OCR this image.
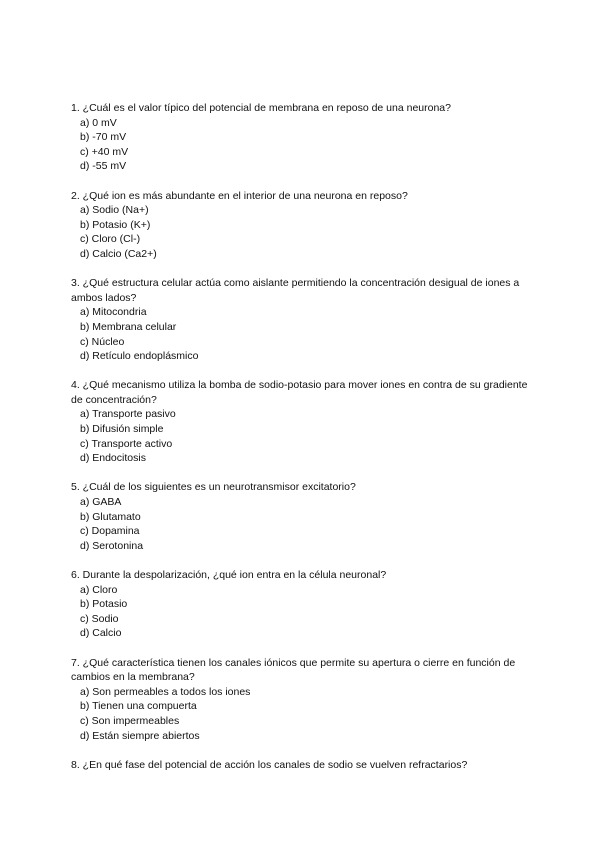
1. ¿Cuál es el valor típico del potencial de membrana en reposo de una neurona?

a) 0 mV
b) -70 mV
c) +40 mV
d) -55 mV

2. ¿Qué ion es más abundante en el interior de una neurona en reposo?

a) Sodio (Na+)
b) Potasio (K+)
c) Cloro (Cl-)
d) Calcio (Ca2+)

3. ¿Qué estructura celular actúa como aislante permitiendo la concentración desigual de iones a ambos lados?

a) Mitocondria
b) Membrana celular
c) Núcleo
d) Retículo endoplásmico

4. ¿Qué mecanismo utiliza la bomba de sodio-potasio para mover iones en contra de su gradiente de concentración?

a) Transporte pasivo
b) Difusión simple
c) Transporte activo
d) Endocitosis

5. ¿Cuál de los siguientes es un neurotransmisor excitatorio?

a) GABA
b) Glutamato
c) Dopamina
d) Serotonina

6. Durante la despolarización, ¿qué ion entra en la célula neuronal?

a) Cloro
b) Potasio
c) Sodio
d) Calcio

7. ¿Qué característica tienen los canales iónicos que permite su apertura o cierre en función de cambios en la membrana?

a) Son permeables a todos los iones
b) Tienen una compuerta
c) Son impermeables
d) Están siempre abiertos

8. ¿En qué fase del potencial de acción los canales de sodio se vuelven refractarios?
